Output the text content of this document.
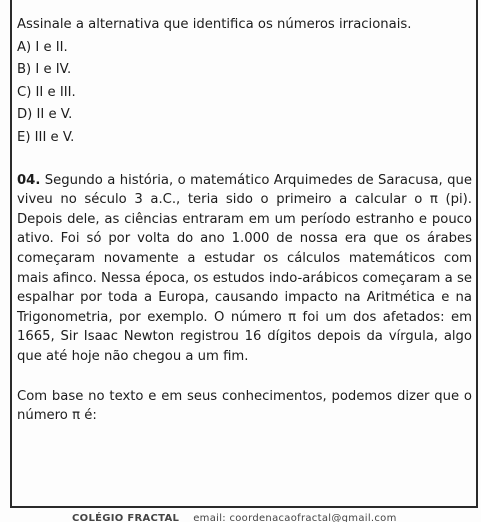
Assinale a alternativa que identifica os números irracionais.

A) I e II.
B) I e IV.
C) II e III.
D) II e V.
E) III e V.

04. Segundo a história, o matemático Arquimedes de Saracusa, que viveu no século 3 a.C., teria sido o primeiro a calcular o π (pi). Depois dele, as ciências entraram em um período estranho e pouco ativo. Foi só por volta do ano 1.000 de nossa era que os árabes começaram novamente a estudar os cálculos matemáticos com mais afinco. Nessa época, os estudos indo-arábicos começaram a se espalhar por toda a Europa, causando impacto na Aritmética e na Trigonometria, por exemplo. O número π foi um dos afetados: em 1665, Sir Isaac Newton registrou 16 dígitos depois da vírgula, algo que até hoje não chegou a um fim.

Com base no texto e em seus conhecimentos, podemos dizer que o número π é:

COLÉGIO FRACTAL email: coordenacaofractal@gmail.com
